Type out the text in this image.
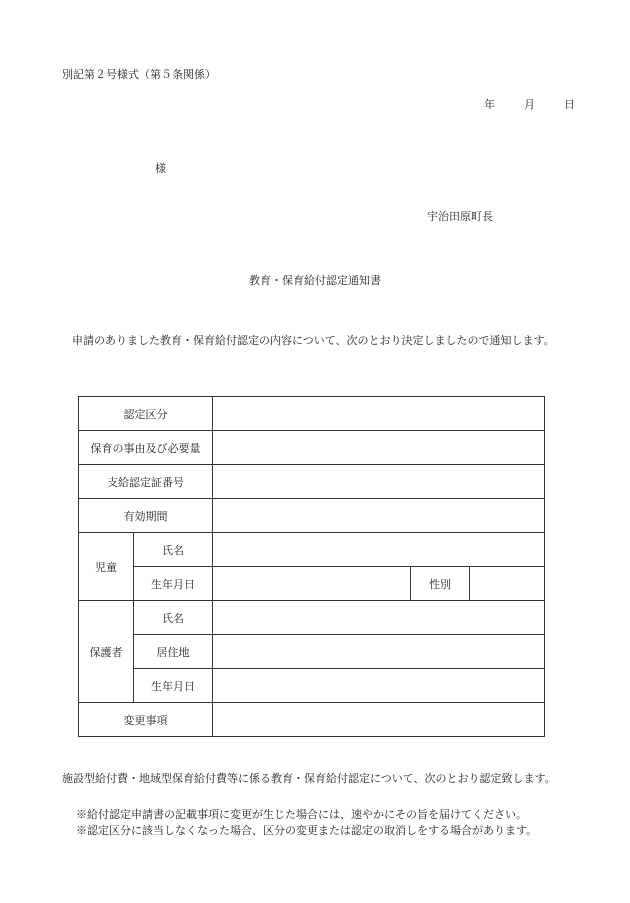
別記第２号様式（第５条関係）
年	月	日
様
宇治田原町長
教育・保育給付認定通知書
申請のありました教育・保育給付認定の内容について、次のとおり決定しましたので通知します。
認定区分				
保育の事由及び必要量				
支給認定証番号				
有効期間				
児童	氏名			
	生年月日		性別	
保護者	氏名			
	居住地			
	生年月日			
変更事項				
施設型給付費・地域型保育給付費等に係る教育・保育給付認定について、次のとおり認定致します。
※給付認定申請書の記載事項に変更が生じた場合には、速やかにその旨を届けてください。
※認定区分に該当しなくなった場合、区分の変更または認定の取消しをする場合があります。
